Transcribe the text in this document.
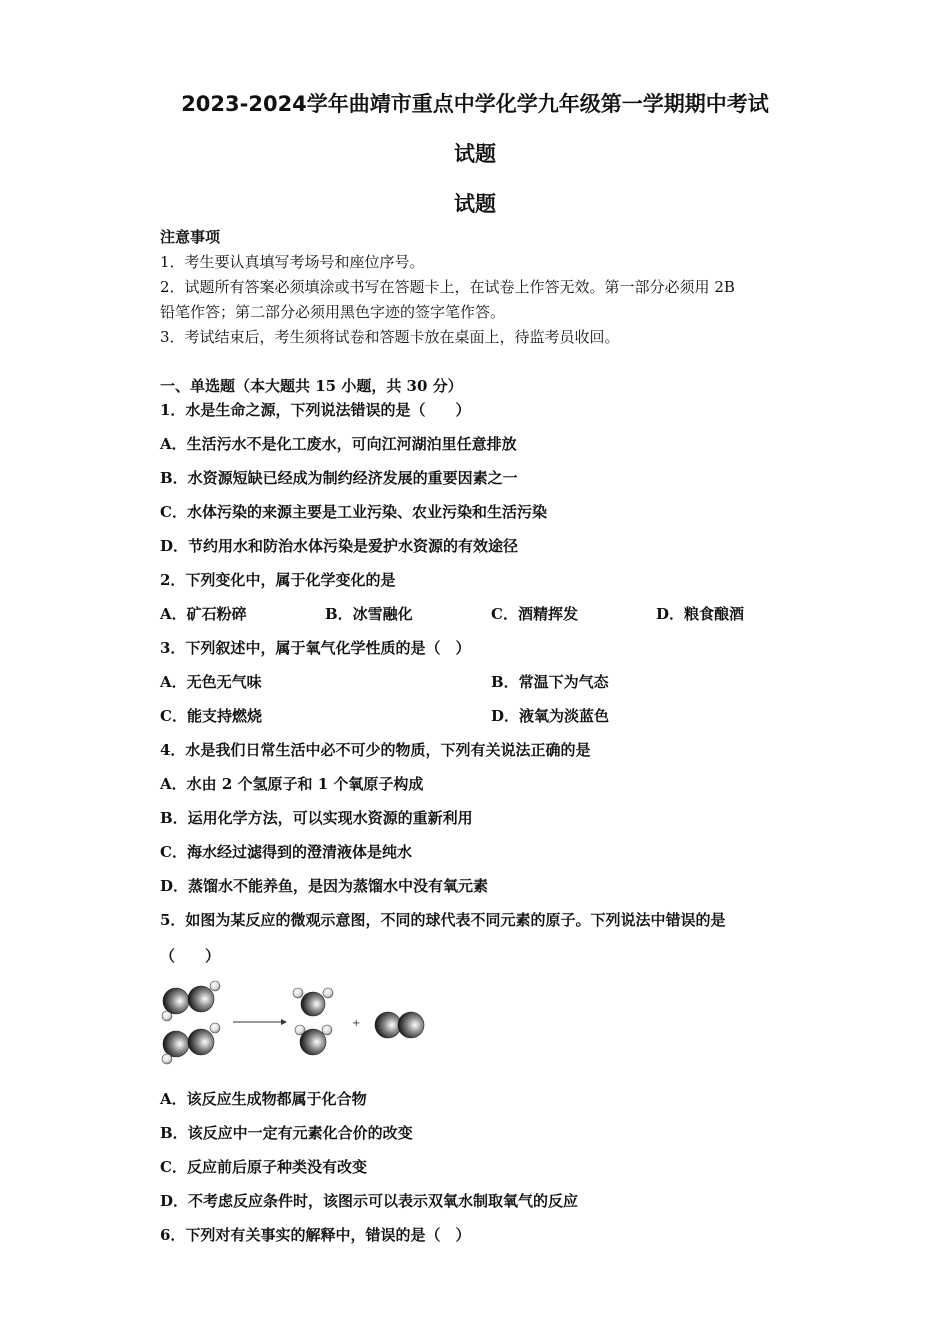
2023-2024学年曲靖市重点中学化学九年级第一学期期中考试
试题
试题
注意事项
1．考生要认真填写考场号和座位序号。
2．试题所有答案必须填涂或书写在答题卡上，在试卷上作答无效。第一部分必须用 2B
铅笔作答；第二部分必须用黑色字迹的签字笔作答。
3．考试结束后，考生须将试卷和答题卡放在桌面上，待监考员收回。
一、单选题（本大题共 15 小题，共 30 分）
1．水是生命之源，下列说法错误的是（　　）
A．生活污水不是化工废水，可向江河湖泊里任意排放
B．水资源短缺已经成为制约经济发展的重要因素之一
C．水体污染的来源主要是工业污染、农业污染和生活污染
D．节约用水和防治水体污染是爱护水资源的有效途径
2．下列变化中，属于化学变化的是
A．矿石粉碎	B．冰雪融化	C．酒精挥发	D．粮食酿酒
3．下列叙述中，属于氧气化学性质的是（　）
A．无色无气味	B．常温下为气态
C．能支持燃烧	D．液氧为淡蓝色
4．水是我们日常生活中必不可少的物质，下列有关说法正确的是
A．水由 2 个氢原子和 1 个氧原子构成
B．运用化学方法，可以实现水资源的重新利用
C．海水经过滤得到的澄清液体是纯水
D．蒸馏水不能养鱼，是因为蒸馏水中没有氧元素
5．如图为某反应的微观示意图，不同的球代表不同元素的原子。下列说法中错误的是
（　　）
+
A．该反应生成物都属于化合物
B．该反应中一定有元素化合价的改变
C．反应前后原子种类没有改变
D．不考虑反应条件时，该图示可以表示双氧水制取氧气的反应
6．下列对有关事实的解释中，错误的是（　）
